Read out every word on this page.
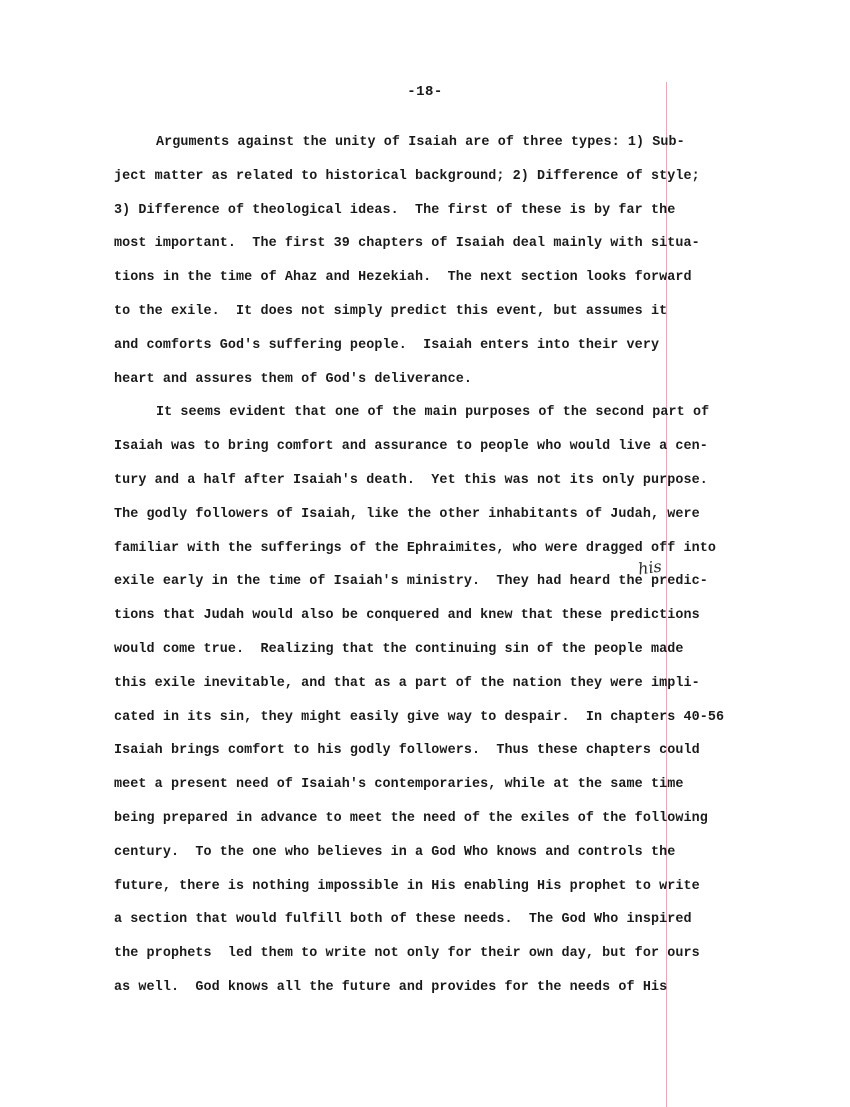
-18-
Arguments against the unity of Isaiah are of three types: 1) Sub-
ject matter as related to historical background; 2) Difference of style;
3) Difference of theological ideas.  The first of these is by far the
most important.  The first 39 chapters of Isaiah deal mainly with situa-
tions in the time of Ahaz and Hezekiah.  The next section looks forward
to the exile.  It does not simply predict this event, but assumes it
and comforts God's suffering people.  Isaiah enters into their very
heart and assures them of God's deliverance.
It seems evident that one of the main purposes of the second part of
Isaiah was to bring comfort and assurance to people who would live a cen-
tury and a half after Isaiah's death.  Yet this was not its only purpose.
The godly followers of Isaiah, like the other inhabitants of Judah, were
familiar with the sufferings of the Ephraimites, who were dragged off into
exile early in the time of Isaiah's ministry.  They had heard the predic-
tions that Judah would also be conquered and knew that these predictions
would come true.  Realizing that the continuing sin of the people made
this exile inevitable, and that as a part of the nation they were impli-
cated in its sin, they might easily give way to despair.  In chapters 40-56
Isaiah brings comfort to his godly followers.  Thus these chapters could
meet a present need of Isaiah's contemporaries, while at the same time
being prepared in advance to meet the need of the exiles of the following
century.  To the one who believes in a God Who knows and controls the
future, there is nothing impossible in His enabling His prophet to write
a section that would fulfill both of these needs.  The God Who inspired
the prophets  led them to write not only for their own day, but for ours
as well.  God knows all the future and provides for the needs of His
his
